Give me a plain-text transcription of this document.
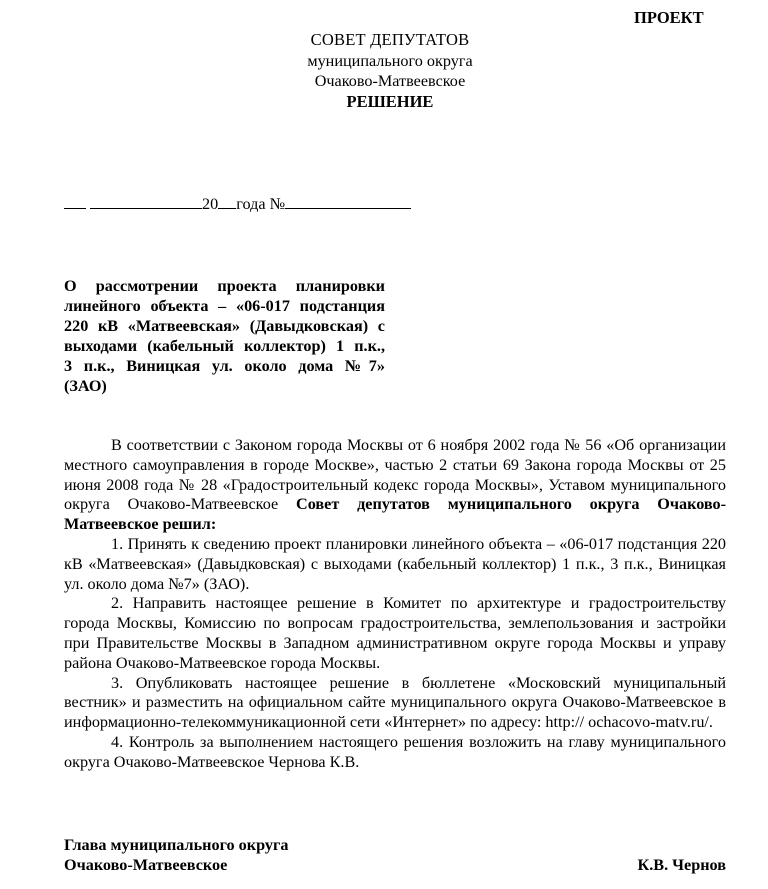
ПРОЕКТ
СОВЕТ ДЕПУТАТОВ
муниципального округа
Очаково-Матвеевское
РЕШЕНИЕ
20 года №
О рассмотрении проекта планировки
линейного объекта – «06-017 подстанция
220 кВ «Матвеевская» (Давыдковская) с
выходами (кабельный коллектор) 1 п.к.,
3 п.к., Виницкая ул. около дома №7»
(ЗАО)

В соответствии с Законом города Москвы от 6 ноября 2002 года № 56 «Об организации местного самоуправления в городе Москве», частью 2 статьи 69 Закона города Москвы от 25 июня 2008 года № 28 «Градостроительный кодекс города Москвы», Уставом муниципального округа Очаково-Матвеевское Совет депутатов муниципального округа Очаково-Матвеевское решил:

1. Принять к сведению проект планировки линейного объекта – «06-017 подстанция 220 кВ «Матвеевская» (Давыдковская) с выходами (кабельный коллектор) 1 п.к., 3 п.к., Виницкая ул. около дома №7» (ЗАО).

2. Направить настоящее решение в Комитет по архитектуре и градостроительству города Москвы, Комиссию по вопросам градостроительства, землепользования и застройки при Правительстве Москвы в Западном административном округе города Москвы и управу района Очаково-Матвеевское города Москвы.

3. Опубликовать настоящее решение в бюллетене «Московский муниципальный вестник» и разместить на официальном сайте муниципального округа Очаково-Матвеевское в информационно-телекоммуникационной сети «Интернет» по адресу: http:// ochacovo-matv.ru/.

4. Контроль за выполнением настоящего решения возложить на главу муниципального округа Очаково-Матвеевское Чернова К.В.

Глава муниципального округа
Очаково-Матвеевское	К.В. Чернов
